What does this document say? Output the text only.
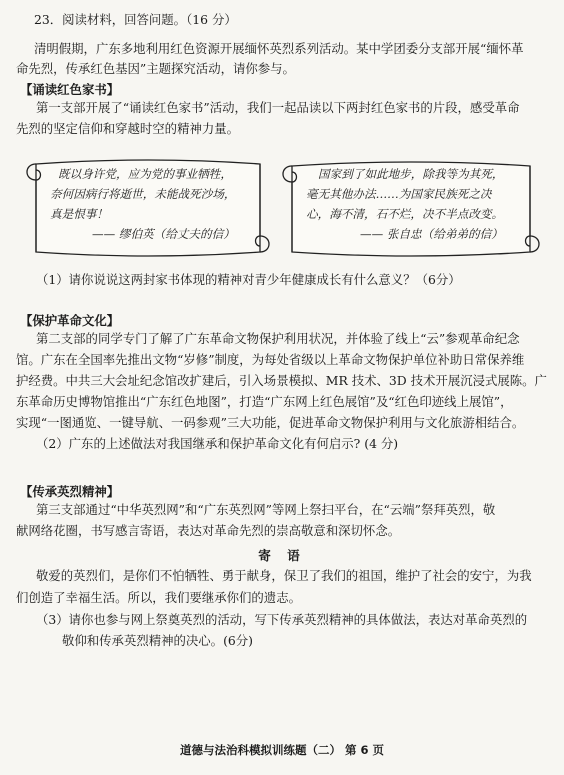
23．阅读材料，回答问题。（16 分）
清明假期，广东多地利用红色资源开展缅怀英烈系列活动。某中学团委分支部开展“缅怀革
命先烈，传承红色基因”主题探究活动，请你参与。
【诵读红色家书】
第一支部开展了“诵读红色家书”活动，我们一起品读以下两封红色家书的片段，感受革命
先烈的坚定信仰和穿越时空的精神力量。
既以身许党，应为党的事业牺牲，
奈何因病行将逝世，未能战死沙场，
真是恨事！
—— 缪伯英（给丈夫的信）
国家到了如此地步，除我等为其死，
毫无其他办法……为国家民族死之决
心，海不清，石不烂，决不半点改变。
—— 张自忠（给弟弟的信）
（1）请你说说这两封家书体现的精神对青少年健康成长有什么意义？（6分）
【保护革命文化】
第二支部的同学专门了解了广东革命文物保护利用状况，并体验了线上“云”参观革命纪念
馆。广东在全国率先推出文物“岁修”制度，为每处省级以上革命文物保护单位补助日常保养维
护经费。中共三大会址纪念馆改扩建后，引入场景模拟、MR 技术、3D 技术开展沉浸式展陈。广
东革命历史博物馆推出“广东红色地图”，打造“广东网上红色展馆”及“红色印迹线上展馆”，
实现“一图通览、一键导航、一码参观”三大功能，促进革命文物保护利用与文化旅游相结合。
（2）广东的上述做法对我国继承和保护革命文化有何启示? (4 分)
【传承英烈精神】
第三支部通过“中华英烈网”和“广东英烈网”等网上祭扫平台，在“云端”祭拜英烈，敬
献网络花圈，书写感言寄语，表达对革命先烈的崇高敬意和深切怀念。
寄 语
敬爱的英烈们，是你们不怕牺牲、勇于献身，保卫了我们的祖国，维护了社会的安宁，为我
们创造了幸福生活。所以，我们要继承你们的遗志。
（3）请你也参与网上祭奠英烈的活动，写下传承英烈精神的具体做法，表达对革命英烈的
敬仰和传承英烈精神的决心。(6分)
道德与法治科模拟训练题（二） 第 6 页
